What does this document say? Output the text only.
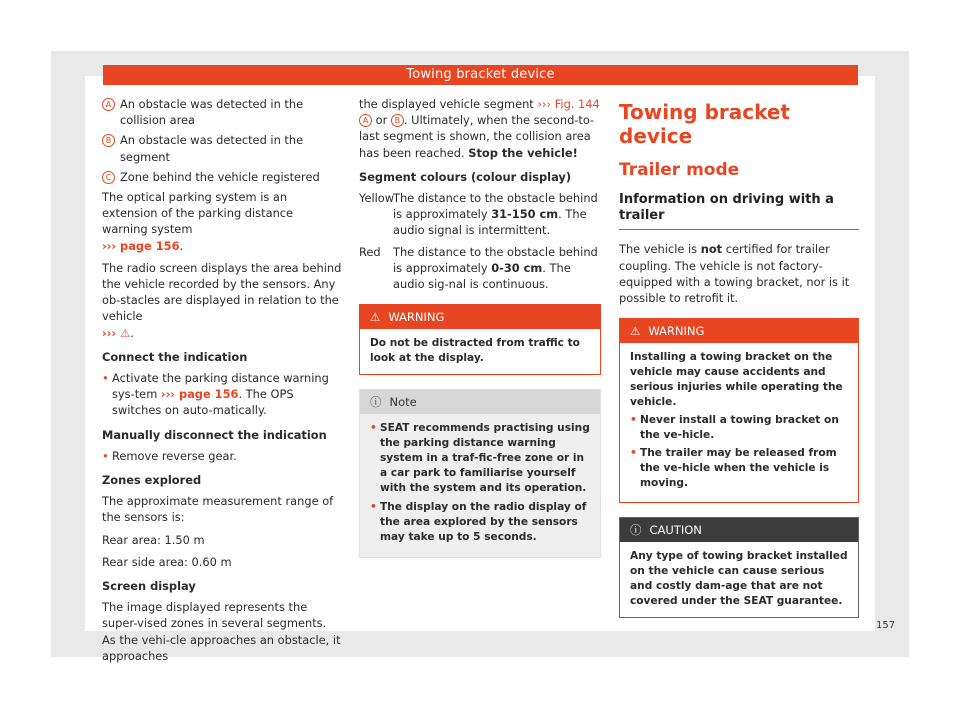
Towing bracket device
A An obstacle was detected in the collision area
B An obstacle was detected in the segment
C Zone behind the vehicle registered

The optical parking system is an extension of the parking distance warning system
››› page 156.

The radio screen displays the area behind the vehicle recorded by the sensors. Any ob-stacles are displayed in relation to the vehicle
››› ⚠.

Connect the indication
• Activate the parking distance warning sys-tem ››› page 156. The OPS switches on auto-matically.
Manually disconnect the indication
• Remove reverse gear.
Zones explored

The approximate measurement range of the sensors is:

Rear area: 1.50 m

Rear side area: 0.60 m

Screen display

The image displayed represents the super-vised zones in several segments. As the vehi-cle approaches an obstacle, it approaches

the displayed vehicle segment ››› Fig. 144 A or B . Ultimately, when the second-to-last segment is shown, the collision area has been reached. Stop the vehicle!

Segment colours (colour display)
Yellow
The distance to the obstacle behind is approximately 31-150 cm. The audio signal is intermittent.
Red	The distance to the obstacle behind is approximately 0-30 cm. The audio sig-nal is continuous.
⚠ WARNING
Do not be distracted from traffic to look at the display.
ⓘ Note

• SEAT recommends practising using the parking distance warning system in a traf-fic-free zone or in a car park to familiarise yourself with the system and its operation.

• The display on the radio display of the area explored by the sensors may take up to 5 seconds.

Towing bracket device
Trailer mode
Information on driving with a trailer

The vehicle is not certified for trailer coupling. The vehicle is not factory-equipped with a towing bracket, nor is it possible to retrofit it.

⚠ WARNING

Installing a towing bracket on the vehicle may cause accidents and serious injuries while operating the vehicle.

• Never install a towing bracket on the ve-hicle.

• The trailer may be released from the ve-hicle when the vehicle is moving.

ⓘ CAUTION
Any type of towing bracket installed on the vehicle can cause serious and costly dam-age that are not covered under the SEAT guarantee.
157
